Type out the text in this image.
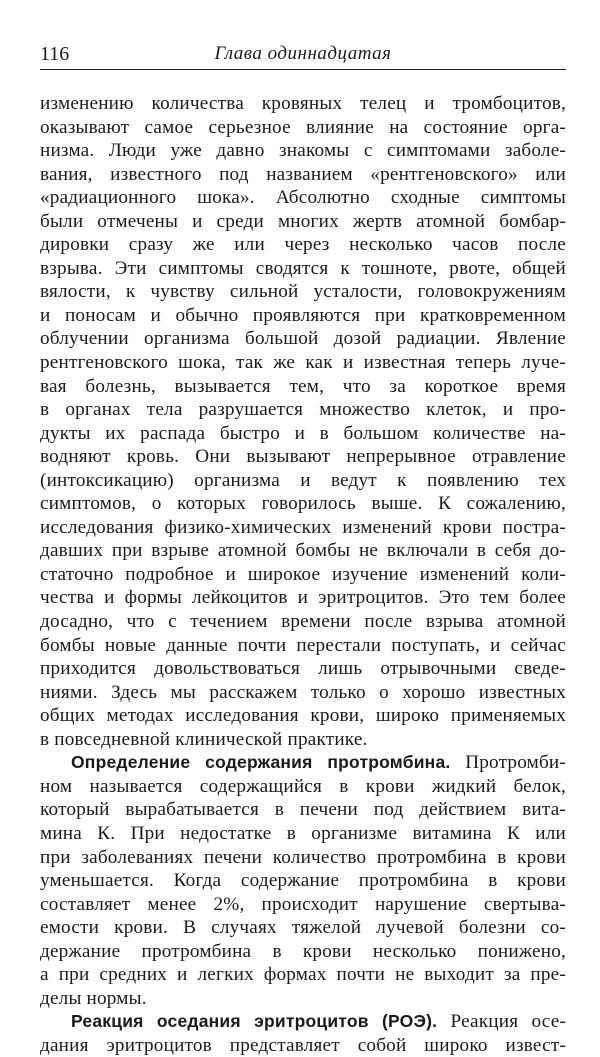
116	Глава одиннадцатая
изменению количества кровяных телец и тромбоцитов,
оказывают самое серьезное влияние на состояние орга-
низма. Люди уже давно знакомы с симптомами заболе-
вания, известного под названием «рентгеновского» или
«радиационного шока». Абсолютно сходные симптомы
были отмечены и среди многих жертв атомной бомбар-
дировки сразу же или через несколько часов после
взрыва. Эти симптомы сводятся к тошноте, рвоте, общей
вялости, к чувству сильной усталости, головокружениям
и поносам и обычно проявляются при кратковременном
облучении организма большой дозой радиации. Явление
рентгеновского шока, так же как и известная теперь луче-
вая болезнь, вызывается тем, что за короткое время
в органах тела разрушается множество клеток, и про-
дукты их распада быстро и в большом количестве на-
водняют кровь. Они вызывают непрерывное отравление
(интоксикацию) организма и ведут к появлению тех
симптомов, о которых говорилось выше. К сожалению,
исследования физико-химических изменений крови постра-
давших при взрыве атомной бомбы не включали в себя до-
статочно подробное и широкое изучение изменений коли-
чества и формы лейкоцитов и эритроцитов. Это тем более
досадно, что с течением времени после взрыва атомной
бомбы новые данные почти перестали поступать, и сейчас
приходится довольствоваться лишь отрывочными сведе-
ниями. Здесь мы расскажем только о хорошо известных
общих методах исследования крови, широко применяемых
в повседневной клинической практике.
Определение содержания протромбина. Протромби-
ном называется содержащийся в крови жидкий белок,
который вырабатывается в печени под действием вита-
мина К. При недостатке в организме витамина К или
при заболеваниях печени количество протромбина в крови
уменьшается. Когда содержание протромбина в крови
составляет менее 2%, происходит нарушение свертыва-
емости крови. В случаях тяжелой лучевой болезни со-
держание протромбина в крови несколько понижено,
а при средних и легких формах почти не выходит за пре-
делы нормы.
Реакция оседания эритроцитов (РОЭ). Реакция осе-
дания эритроцитов представляет собой широко извест-
